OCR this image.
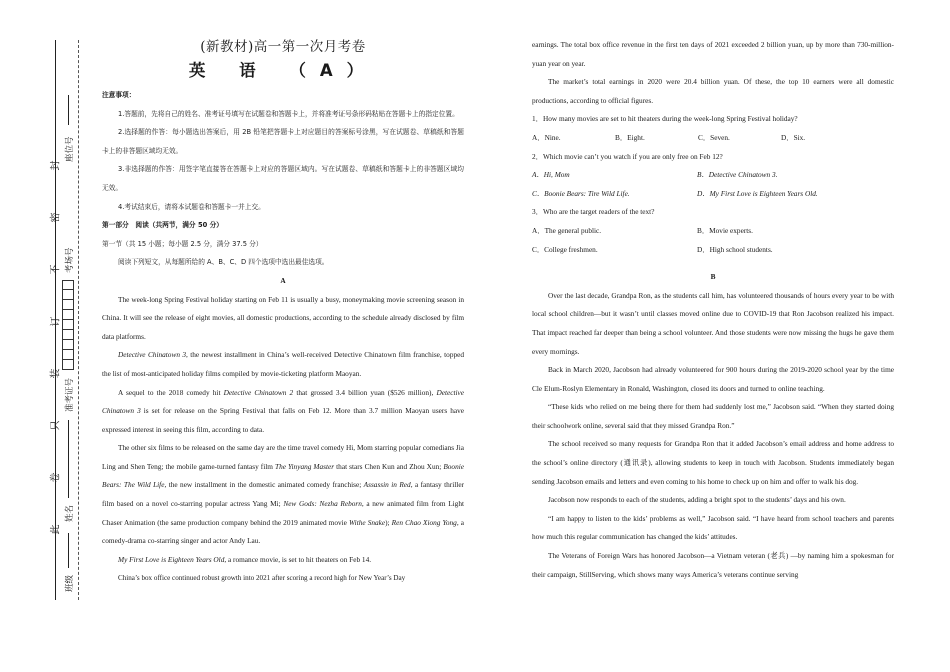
此
卷
只
装
订
不
密
封
座位号
考场号
准考证号
姓名
班级
(新教材)高一第一次月考卷
英 语 （A）
注意事项：
1.答题前，先将自己的姓名、准考证号填写在试题卷和答题卡上，并将准考证号条形码粘贴在答题卡上的指定位置。
2.选择题的作答：每小题选出答案后，用 2B 铅笔把答题卡上对应题目的答案标号涂黑，写在试题卷、草稿纸和答题卡上的非答题区域均无效。
3.非选择题的作答：用签字笔直接答在答题卡上对应的答题区域内。写在试题卷、草稿纸和答题卡上的非答题区域均无效。
4.考试结束后，请将本试题卷和答题卡一并上交。
第一部分　阅读（共两节，满分 50 分）
第一节（共 15 小题；每小题 2.5 分，满分 37.5 分）
阅读下列短文，从每题所给的 A、B、C、D 四个选项中选出最佳选项。
A
The week-long Spring Festival holiday starting on Feb 11 is usually a busy, moneymaking movie screening season in China. It will see the release of eight movies, all domestic productions, according to the schedule already disclosed by film data platforms.
Detective Chinatown 3, the newest installment in China’s well-received Detective Chinatown film franchise, topped the list of most-anticipated holiday films compiled by movie-ticketing platform Maoyan.
A sequel to the 2018 comedy hit Detective Chinatown 2 that grossed 3.4 billion yuan ($526 million), Detective Chinatown 3 is set for release on the Spring Festival that falls on Feb 12. More than 3.7 million Maoyan users have expressed interest in seeing this film, according to data.
The other six films to be released on the same day are the time travel comedy Hi, Mom starring popular comedians Jia Ling and Shen Teng; the mobile game-turned fantasy film The Yinyang Master that stars Chen Kun and Zhou Xun; Boonie Bears: The Wild Life, the new installment in the domestic animated comedy franchise; Assassin in Red, a fantasy thriller film based on a novel co-starring popular actress Yang Mi; New Gods: Nezha Reborn, a new animated film from Light Chaser Animation (the same production company behind the 2019 animated movie Withe Snake); Ren Chao Xiong Yong, a comedy-drama co-starring singer and actor Andy Lau.
My First Love is Eighteen Years Old, a romance movie, is set to hit theaters on Feb 14.
China’s box office continued robust growth into 2021 after scoring a record high for New Year’s Day
earnings. The total box office revenue in the first ten days of 2021 exceeded 2 billion yuan, up by more than 730-million-yuan year on year.
The market’s total earnings in 2020 were 20.4 billion yuan. Of these, the top 10 earners were all domestic productions, according to official figures.
1．How many movies are set to hit theaters during the week-long Spring Festival holiday?
A．Nine.	B．Eight.	C．Seven.	D．Six.
2．Which movie can’t you watch if you are only free on Feb 12?
A．Hi, Mom	B．Detective Chinatown 3.
C．Boonie Bears: Tire Wild Life.	D．My First Love is Eighteen Years Old.
3．Who are the target readers of the text?
A．The general public.	B．Movie experts.
C．College freshmen.	D．High school students.
B
Over the last decade, Grandpa Ron, as the students call him, has volunteered thousands of hours every year to be with local school children—but it wasn’t until classes moved online due to COVID-19 that Ron Jacobson realized his impact. That impact reached far deeper than being a school volunteer. And those students were now missing the hugs he gave them every mornings.
Back in March 2020, Jacobson had already volunteered for 900 hours during the 2019-2020 school year by the time Cle Elum-Roslyn Elementary in Ronald, Washington, closed its doors and turned to online teaching.
“These kids who relied on me being there for them had suddenly lost me,” Jacobson said. “When they started doing their schoolwork online, several said that they missed Grandpa Ron.”
The school received so many requests for Grandpa Ron that it added Jacobson’s email address and home address to the school’s online directory (通讯录), allowing students to keep in touch with Jacobson. Students immediately began sending Jacobson emails and letters and even coming to his home to check up on him and offer to walk his dog.
Jacobson now responds to each of the students, adding a bright spot to the students’ days and his own.
“I am happy to listen to the kids’ problems as well,” Jacobson said. “I have heard from school teachers and parents how much this regular communication has changed the kids’ attitudes.
The Veterans of Foreign Wars has honored Jacobson—a Vietnam veteran (老兵) —by naming him a spokesman for their campaign, StillServing, which shows many ways America’s veterans continue serving
